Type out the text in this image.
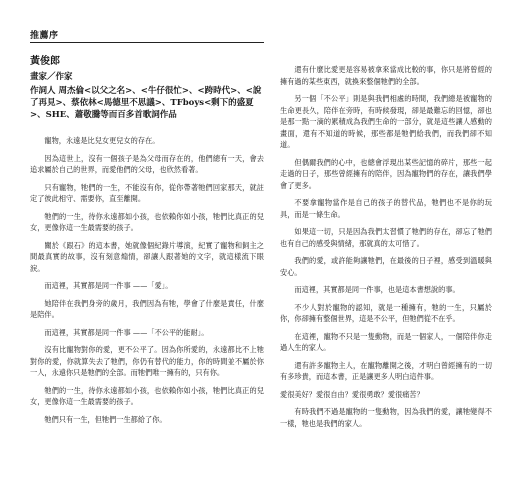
推薦序
黃俊郎
畫家／作家
作詞人 周杰倫<以父之名>、<牛仔很忙>、<跨時代>、<說了再見>、蔡依林<馬德里不思議>、TFboys<剩下的盛夏>、SHE、蕭敬騰等而百多首歌詞作品

寵物，永遠是比兒女更兒女的存在。

因為這世上，沒有一個孩子是為父母而存在的，他們總有一天，會去追求屬於自己的世界，而愛他們的父母，也欣然看著。

只有寵物，牠們的一生，不能沒有你，從你帶著牠們回家那天，就註定了彼此相守、需要你，直至離開。

牠們的一生，待你永遠都如小孩，也依賴你如小孩，牠們比真正的兒女，更像你這一生最需要的孩子。

關於《跟石》的這本書，她就像個紀錄片導演，紀實了寵物和飼主之間最真實的故事，沒有刻意煽情，卻讓人跟著她的文字，就這樣流下眼淚。

而這裡，其實都是同一件事 ——「愛」。

她陪伴在我們身旁的歲月，我們因為有牠，學會了什麼是責任，什麼是陪伴。

而這裡，其實都是同一件事 ——「不公平的能耐」。

沒有比寵物對你的愛，更不公平了。因為你所愛的，永遠都比不上牠對你的愛，你就算失去了牠們，你仍有替代的能力，你的時間並不屬於你一人，永遠你只是牠們的全部。而牠們唯一擁有的，只有你。

牠們的一生，待你永遠都如小孩，也依賴你如小孩，牠們比真正的兒女，更像你這一生最需要的孩子。

牠們只有一生，但牠們一生都給了你。

還有什麼比愛更是容易被拿來當成比較的事，你只是將曾經的擁有過的某些東西，就換來整個牠們的全部。

另一個「不公平」則是與我們相處的時間，我們總是被寵物的生命更長久，陪伴在旁時，有時候發現，卻是最難忘的回憶，卻也是那一點一滴的累積成為我們生命的一部分，就是這些讓人感動的畫面，還有不知道的時候，那些都是牠們給我們，而我們卻不知道。

但偶爾我們的心中，也總會浮現出某些記憶的碎片，那些一起走過的日子，那些曾經擁有的陪伴，因為寵物們的存在，讓我們學會了更多。

不要拿寵物當作是自己的孩子的替代品，牠們也不是你的玩具，而是一條生命。

如果這一切，只是因為我們太習慣了牠們的存在，卻忘了牠們也有自己的感受與情緒，那就真的太可惜了。

我們的愛，或許能夠讓牠們，在最後的日子裡，感受到溫暖與安心。

而這裡，其實都是同一件事，也是這本書想說的事。

不少人對於寵物的認知，就是一種擁有，牠的一生，只屬於你，你卻擁有整個世界，這是不公平，但牠們從不在乎。

在這裡，寵物不只是一隻動物，而是一個家人，一個陪伴你走過人生的家人。

還有許多寵物主人，在寵物離開之後，才明白曾經擁有的一切有多珍貴，而這本書，正是讓更多人明白這件事。

愛很美好？愛很自由？愛很勇敢？愛很痛苦？

有時我們不過是寵物的一隻動物，因為我們的愛，讓牠變得不一樣，牠也是我們的家人。
